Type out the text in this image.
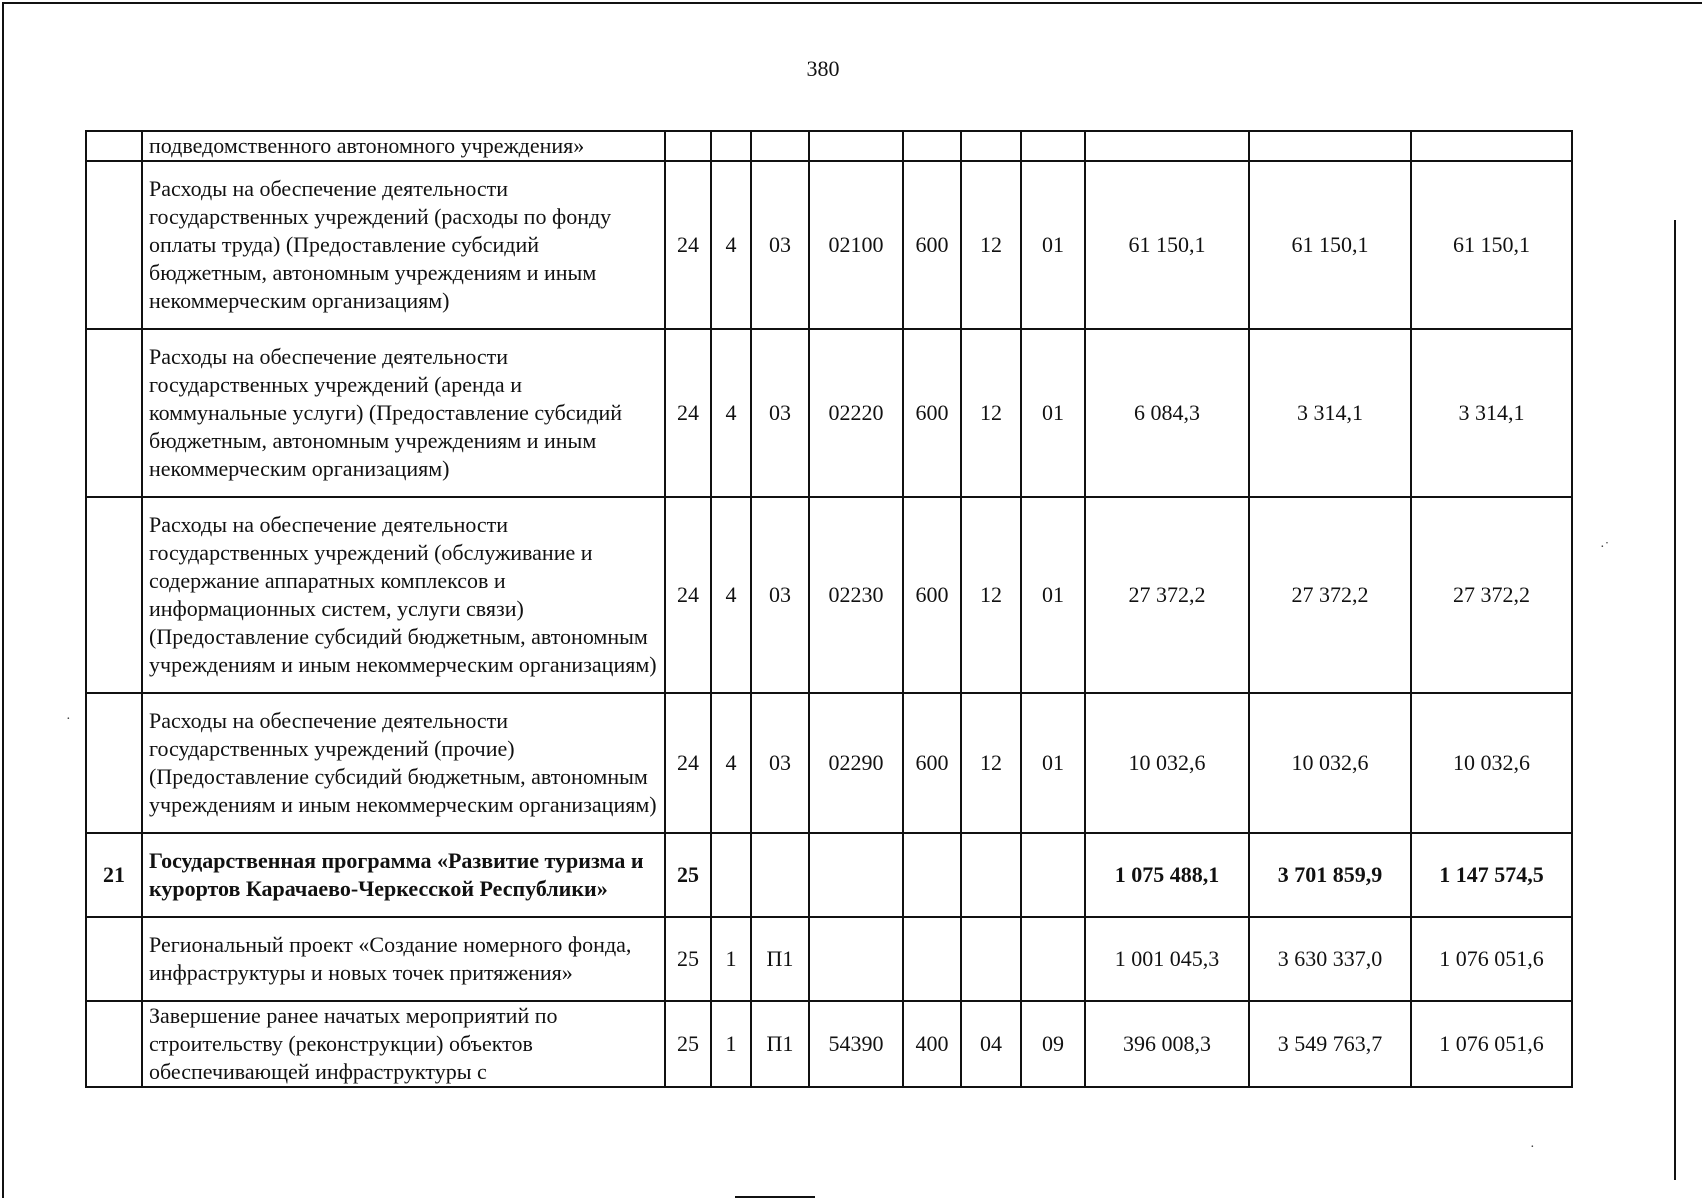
·˙
·
·
380
	подведомственного автономного учреждения»										
	Расходы на обеспечение деятельности государственных учреждений (расходы по фонду оплаты труда) (Предоставление субсидий бюджетным, автономным учреждениям и иным некоммерческим организациям)	24	4	03	02100	600	12	01	61 150,1	61 150,1	61 150,1
	Расходы на обеспечение деятельности государственных учреждений (аренда и коммунальные услуги) (Предоставление субсидий бюджетным, автономным учреждениям и иным некоммерческим организациям)	24	4	03	02220	600	12	01	6 084,3	3 314,1	3 314,1
	Расходы на обеспечение деятельности государственных учреждений (обслуживание и содержание аппаратных комплексов и информационных систем, услуги связи) (Предоставление субсидий бюджетным, автономным учреждениям и иным некоммерческим организациям)	24	4	03	02230	600	12	01	27 372,2	27 372,2	27 372,2
	Расходы на обеспечение деятельности государственных учреждений (прочие) (Предоставление субсидий бюджетным, автономным учреждениям и иным некоммерческим организациям)	24	4	03	02290	600	12	01	10 032,6	10 032,6	10 032,6
21	Государственная программа «Развитие туризма и курортов Карачаево-Черкесской Республики»	25							1 075 488,1	3 701 859,9	1 147 574,5
	Региональный проект «Создание номерного фонда, инфраструктуры и новых точек притяжения»	25	1	П1					1 001 045,3	3 630 337,0	1 076 051,6
	Завершение ранее начатых мероприятий по строительству (реконструкции) объектов обеспечивающей инфраструктуры с	25	1	П1	54390	400	04	09	396 008,3	3 549 763,7	1 076 051,6
